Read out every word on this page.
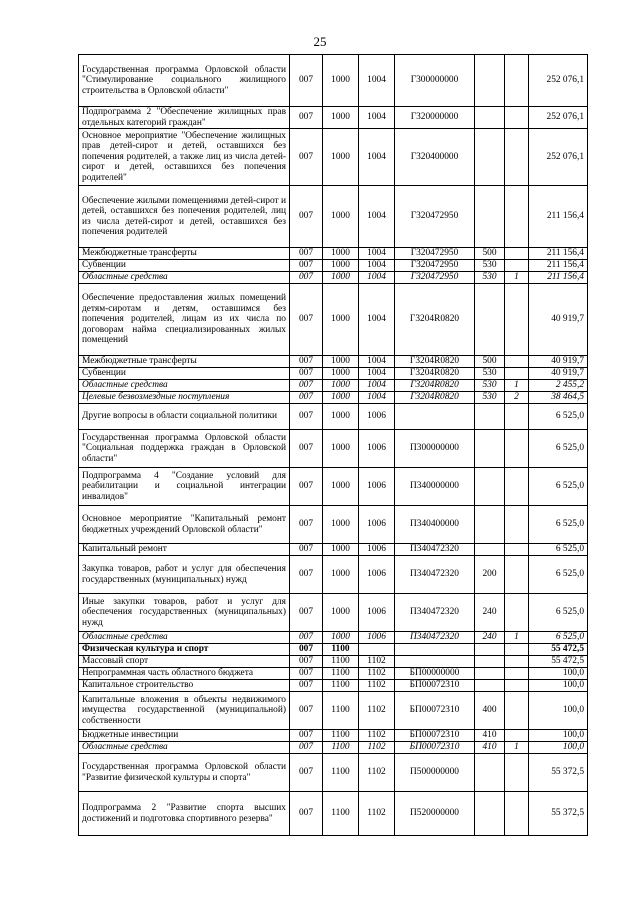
25
Государственная программа Орловской области "Стимулирование социального жилищного строительства в Орловской области"	007	1000	1004	Г300000000			252 076,1
Подпрограмма 2 "Обеспечение жилищных прав отдельных категорий граждан"	007	1000	1004	Г320000000			252 076,1
Основное мероприятие "Обеспечение жилищных прав детей-сирот и детей, оставшихся без попечения родителей, а также лиц из числа детей-сирот и детей, оставшихся без попечения родителей"	007	1000	1004	Г320400000			252 076,1
Обеспечение жилыми помещениями детей-сирот и детей, оставшихся без попечения родителей, лиц из числа детей-сирот и детей, оставшихся без попечения родителей	007	1000	1004	Г320472950			211 156,4
Межбюджетные трансферты	007	1000	1004	Г320472950	500		211 156,4
Субвенции	007	1000	1004	Г320472950	530		211 156,4
Областные средства	007	1000	1004	Г320472950	530	1	211 156,4
Обеспечение предоставления жилых помещений детям-сиротам и детям, оставшимся без попечения родителей, лицам из их числа по договорам найма специализированных жилых помещений	007	1000	1004	Г3204R0820			40 919,7
Межбюджетные трансферты	007	1000	1004	Г3204R0820	500		40 919,7
Субвенции	007	1000	1004	Г3204R0820	530		40 919,7
Областные средства	007	1000	1004	Г3204R0820	530	1	2 455,2
Целевые безвозмездные поступления	007	1000	1004	Г3204R0820	530	2	38 464,5
Другие вопросы в области социальной политики	007	1000	1006				6 525,0
Государственная программа Орловской области "Социальная поддержка граждан в Орловской области"	007	1000	1006	П300000000			6 525,0
Подпрограмма 4 "Создание условий для реабилитации и социальной интеграции инвалидов"	007	1000	1006	П340000000			6 525,0
Основное мероприятие "Капитальный ремонт бюджетных учреждений Орловской области"	007	1000	1006	П340400000			6 525,0
Капитальный ремонт	007	1000	1006	П340472320			6 525,0
Закупка товаров, работ и услуг для обеспечения государственных (муниципальных) нужд	007	1000	1006	П340472320	200		6 525,0
Иные закупки товаров, работ и услуг для обеспечения государственных (муниципальных) нужд	007	1000	1006	П340472320	240		6 525,0
Областные средства	007	1000	1006	П340472320	240	1	6 525,0
Физическая культура и спорт	007	1100					55 472,5
Массовый спорт	007	1100	1102				55 472,5
Непрограммная часть областного бюджета	007	1100	1102	БП00000000			100,0
Капитальное строительство	007	1100	1102	БП00072310			100,0
Капитальные вложения в объекты недвижимого имущества государственной (муниципальной) собственности	007	1100	1102	БП00072310	400		100,0
Бюджетные инвестиции	007	1100	1102	БП00072310	410		100,0
Областные средства	007	1100	1102	БП00072310	410	1	100,0
Государственная программа Орловской области "Развитие физической культуры и спорта"	007	1100	1102	П500000000			55 372,5
Подпрограмма 2 "Развитие спорта высших достижений и подготовка спортивного резерва"	007	1100	1102	П520000000			55 372,5
